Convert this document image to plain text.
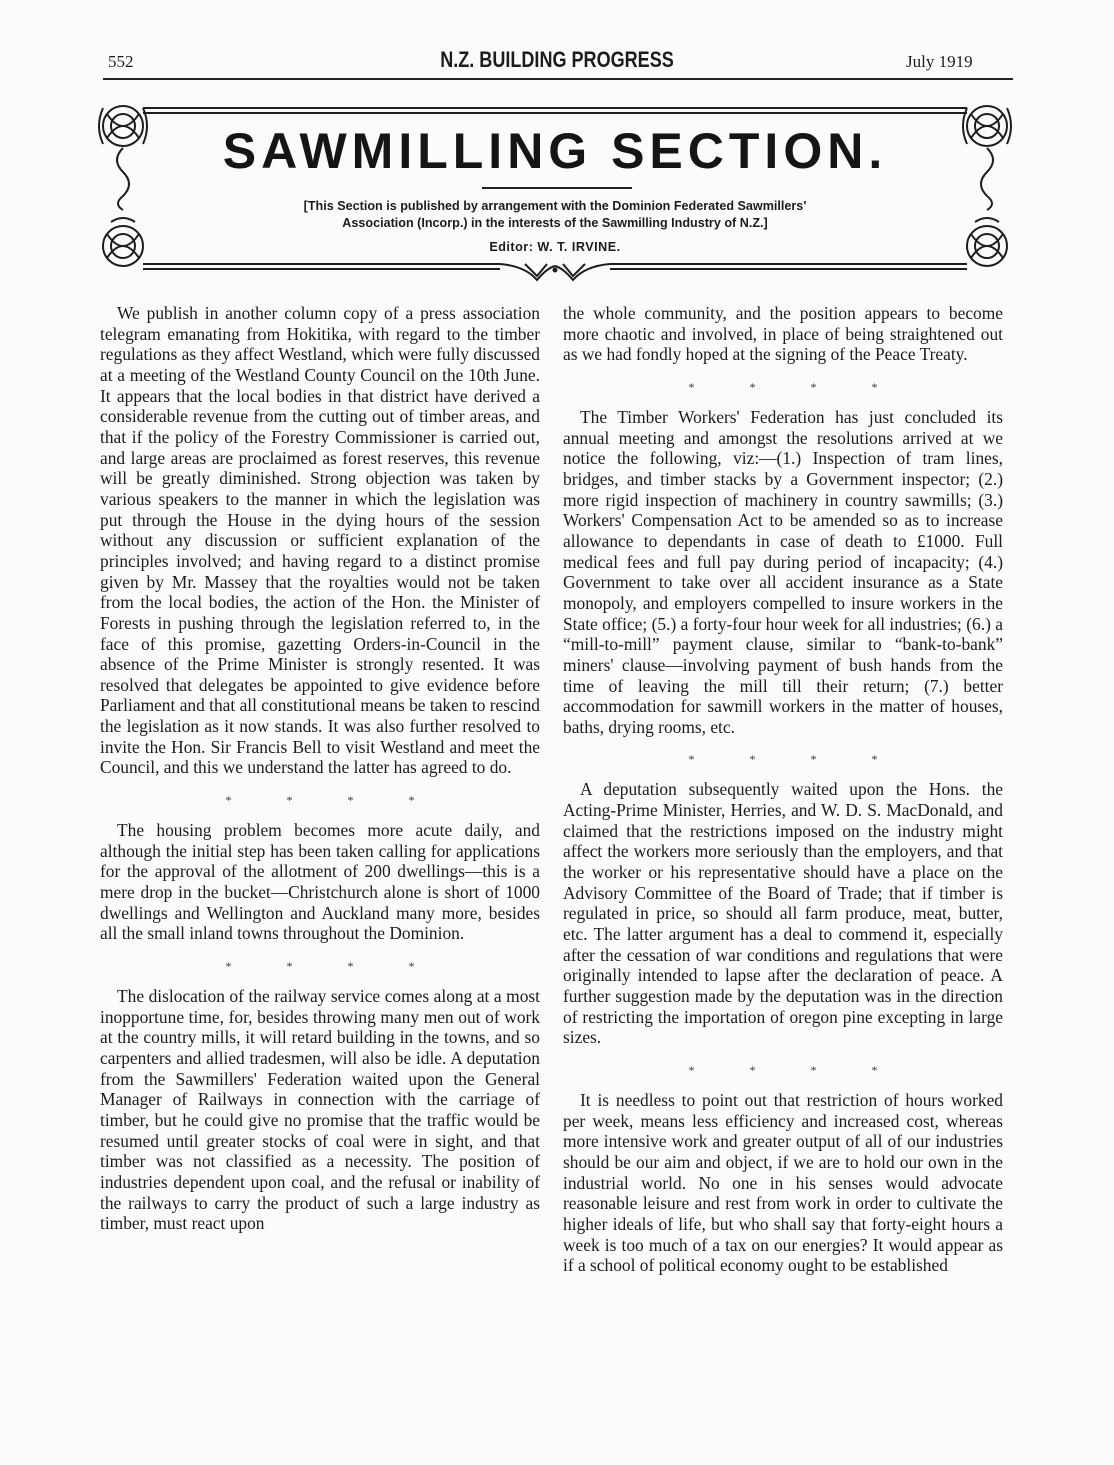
552	N.Z. BUILDING PROGRESS	July 1919
SAWMILLING SECTION.

[This Section is published by arrangement with the Dominion Federated Sawmillers'
Association (Incorp.) in the interests of the Sawmilling Industry of N.Z.]

Editor: W. T. IRVINE.

We publish in another column copy of a press association telegram emanating from Hokitika, with regard to the timber regulations as they affect Westland, which were fully discussed at a meeting of the Westland County Council on the 10th June. It appears that the local bodies in that district have derived a considerable revenue from the cutting out of timber areas, and that if the policy of the Forestry Commissioner is carried out, and large areas are proclaimed as forest reserves, this revenue will be greatly diminished. Strong objection was taken by various speakers to the manner in which the legislation was put through the House in the dying hours of the session without any discussion or sufficient explanation of the principles involved; and having regard to a distinct promise given by Mr. Massey that the royalties would not be taken from the local bodies, the action of the Hon. the Minister of Forests in pushing through the legislation referred to, in the face of this promise, gazetting Orders-in-Council in the absence of the Prime Minister is strongly resented. It was resolved that delegates be appointed to give evidence before Parliament and that all constitutional means be taken to rescind the legislation as it now stands. It was also further resolved to invite the Hon. Sir Francis Bell to visit Westland and meet the Council, and this we understand the latter has agreed to do.

* * * *

The housing problem becomes more acute daily, and although the initial step has been taken calling for applications for the approval of the allotment of 200 dwellings—this is a mere drop in the bucket—Christchurch alone is short of 1000 dwellings and Wellington and Auckland many more, besides all the small inland towns throughout the Dominion.

* * * *

The dislocation of the railway service comes along at a most inopportune time, for, besides throwing many men out of work at the country mills, it will retard building in the towns, and so carpenters and allied tradesmen, will also be idle. A deputation from the Sawmillers' Federation waited upon the General Manager of Railways in connection with the carriage of timber, but he could give no promise that the traffic would be resumed until greater stocks of coal were in sight, and that timber was not classified as a necessity. The position of industries dependent upon coal, and the refusal or inability of the railways to carry the product of such a large industry as timber, must react upon

the whole community, and the position appears to become more chaotic and involved, in place of being straightened out as we had fondly hoped at the signing of the Peace Treaty.

* * * *

The Timber Workers' Federation has just concluded its annual meeting and amongst the resolutions arrived at we notice the following, viz:—(1.) Inspection of tram lines, bridges, and timber stacks by a Government inspector; (2.) more rigid inspection of machinery in country sawmills; (3.) Workers' Compensation Act to be amended so as to increase allowance to dependants in case of death to £1000. Full medical fees and full pay during period of incapacity; (4.) Government to take over all accident insurance as a State monopoly, and employers compelled to insure workers in the State office; (5.) a forty-four hour week for all industries; (6.) a “mill-to-mill” payment clause, similar to “bank-to-bank” miners' clause—involving payment of bush hands from the time of leaving the mill till their return; (7.) better accommodation for sawmill workers in the matter of houses, baths, drying rooms, etc.

* * * *

A deputation subsequently waited upon the Hons. the Acting-Prime Minister, Herries, and W. D. S. MacDonald, and claimed that the restrictions imposed on the industry might affect the workers more seriously than the employers, and that the worker or his representative should have a place on the Advisory Committee of the Board of Trade; that if timber is regulated in price, so should all farm produce, meat, butter, etc. The latter argument has a deal to commend it, especially after the cessation of war conditions and regulations that were originally intended to lapse after the declaration of peace. A further suggestion made by the deputation was in the direction of restricting the importation of oregon pine excepting in large sizes.

* * * *

It is needless to point out that restriction of hours worked per week, means less efficiency and increased cost, whereas more intensive work and greater output of all of our industries should be our aim and object, if we are to hold our own in the industrial world. No one in his senses would advocate reasonable leisure and rest from work in order to cultivate the higher ideals of life, but who shall say that forty-eight hours a week is too much of a tax on our energies? It would appear as if a school of political economy ought to be established
